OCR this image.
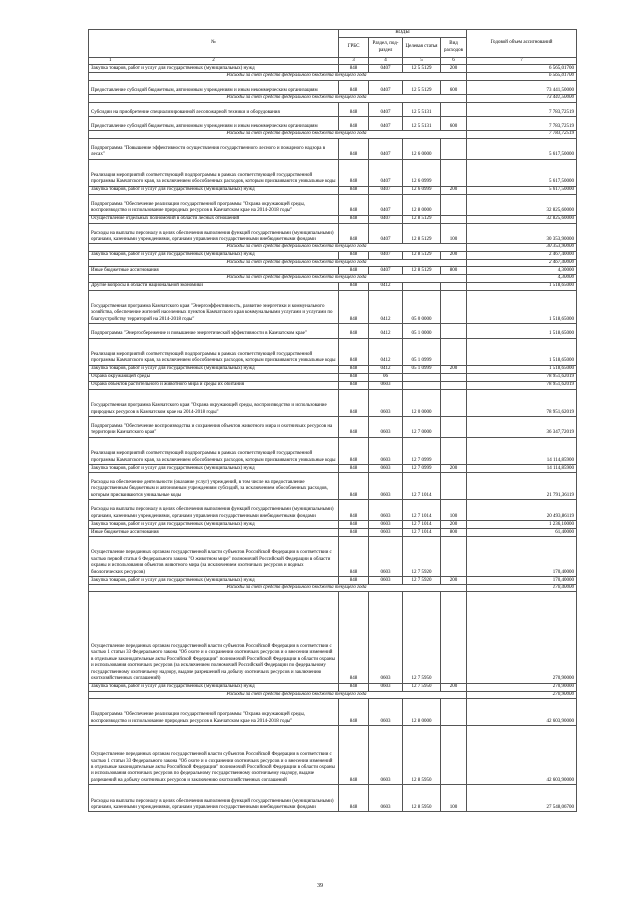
№	КОДЫ				Годовой объем ассигнований
	ГРБС	Раздел, под-раздел	Целевая статья	Вид расходов	

1 2	3	4	5	6	7
Закупка товаров, работ и услуг для государственных (муниципальных) нужд	848	0407	12 5 5129	200	6 565,01700
Расходы за счет средств федерального бюджета текущего года					6 565,01700
Предоставление субсидий бюджетным, автономным учреждениям и иным некоммерческим организациям	848	0407	12 5 5129	600	73 441,50000
Расходы за счет средств федерального бюджета текущего года					73 441,50000
Субсидии на приобретение специализированной лесопожарной техники и оборудования	848	0407	12 5 5131		7 783,72519
Предоставление субсидий бюджетным, автономным учреждениям и иным некоммерческим организациям	848	0407	12 5 5131	600	7 783,72519
Расходы за счет средств федерального бюджета текущего года					7 783,72519
Подпрограмма "Повышение эффективности осуществления государственного лесного и пожарного надзора в лесах"	848	0407	12 6 0000		5 617,50000
Реализация мероприятий соответствующей подпрограммы в рамках соответствующей государственной программы Камчатского края, за исключением обособленных расходов, которым присваиваются уникальные коды	848	0407	12 6 0999		5 617,50000
Закупка товаров, работ и услуг для государственных (муниципальных) нужд	848	0407	12 6 0999	200	5 617,50000
Подпрограмма "Обеспечение реализации государственной программы "Охрана окружающей среды, воспроизводство и использование природных ресурсов в Камчатском крае на 2014-2018 годы"	848	0407	12 8 0000		32 825,60000
Осуществление отдельных полномочий в области лесных отношений	848	0407	12 8 5129		32 825,60000
Расходы на выплаты персоналу в целях обеспечения выполнения функций государственными (муниципальными) органами, казенными учреждениями, органами управления государственными внебюджетными фондами	848	0407	12 8 5129	100	30 353,90000
Расходы за счет средств федерального бюджета текущего года					30 353,90000
Закупка товаров, работ и услуг для государственных (муниципальных) нужд	848	0407	12 8 5129	200	2 467,40000
Расходы за счет средств федерального бюджета текущего года					2 467,40000
Иные бюджетные ассигнования	848	0407	12 8 5129	800	4,30000
Расходы за счет средств федерального бюджета текущего года					4,30000
Другие вопросы в области национальной экономики	848	0412			1 518,65000
Государственная программа Камчатского края "Энергоэффективность, развитие энергетики и коммунального хозяйства, обеспечение жителей населенных пунктов Камчатского края коммунальными услугами и услугами по благоустройству территорий на 2014-2018 годы"	848	0412	05 0 0000		1 518,65000
Подпрограмма "Энергосбережение и повышение энергетической эффективности в Камчатском крае"	848	0412	05 1 0000		1 518,65000
Реализация мероприятий соответствующей подпрограммы в рамках соответствующей государственной программы Камчатского края, за исключением обособленных расходов, которым присваиваются уникальные коды	848	0412	05 1 0999		1 518,65000
Закупка товаров, работ и услуг для государственных (муниципальных) нужд	848	0412	05 1 0999	200	1 518,65000
Охрана окружающей среды	848	06			78 951,62019
Охрана объектов растительного и животного мира и среды их обитания	848	0603			78 951,62019
Государственная программа Камчатского края "Охрана окружающей среды, воспроизводство и использование природных ресурсов в Камчатском крае на 2014-2018 годы"	848	0603	12 0 0000		78 951,62019
Подпрограмма "Обеспечение воспроизводства и сохранения объектов животного мира и охотничьих ресурсов на территории Камчатского края"	848	0603	12 7 0000		36 347,72019
Реализация мероприятий соответствующей подпрограммы в рамках соответствующей государственной программы Камчатского края, за исключением обособленных расходов, которым присваиваются уникальные коды	848	0603	12 7 0999		14 114,85900
Закупка товаров, работ и услуг для государственных (муниципальных) нужд	848	0603	12 7 0999	200	14 114,85900
Расходы на обеспечение деятельности (оказание услуг) учреждений, в том числе на предоставление государственным бюджетным и автономным учреждениям субсидий, за исключением обособленных расходов, которым присваиваются уникальные коды	848	0603	12 7 1014		21 791,36119
Расходы на выплаты персоналу в целях обеспечения выполнения функций государственными (муниципальными) органами, казенными учреждениями, органами управления государственными внебюджетными фондами	848	0603	12 7 1014	100	20 493,86119
Закупка товаров, работ и услуг для государственных (муниципальных) нужд	848	0603	12 7 1014	200	1 236,10000
Иные бюджетные ассигнования	848	0603	12 7 1014	800	61,40000
Осуществление переданных органам государственной власти субъектов Российской Федерации в соответствии с частью первой статьи 6 Федерального закона "О животном мире" полномочий Российской Федерации в области охраны и использования объектов животного мира (за исключением охотничьих ресурсов и водных биологических ресурсов)	848	0603	12 7 5920		170,40000
Закупка товаров, работ и услуг для государственных (муниципальных) нужд	848	0603	12 7 5920	200	170,40000
Расходы за счет средств федерального бюджета текущего года					170,40000
Осуществление переданных органам государственной власти субъектов Российской Федерации в соответствии с частью 1 статьи 33 Федерального закона "Об охоте и о сохранении охотничьих ресурсов и о внесении изменений в отдельные законодательные акты Российской Федерации" полномочий Российской Федерации в области охраны и использования охотничьих ресурсов (за исключением полномочий Российской Федерации по федеральному государственному охотничьему надзору, выдаче разрешений на добычу охотничьих ресурсов и заключению охотхозяйственных соглашений)	848	0603	12 7 5950		270,90000
Закупка товаров, работ и услуг для государственных (муниципальных) нужд	848	0603	12 7 5950	200	270,90000
Расходы за счет средств федерального бюджета текущего года					270,90000
Подпрограмма "Обеспечение реализации государственной программы "Охрана окружающей среды, воспроизводство и использование природных ресурсов в Камчатском крае на 2014-2018 годы"	848	0603	12 8 0000		42 603,90000
Осуществление переданных органам государственной власти субъектов Российской Федерации в соответствии с частью 1 статьи 33 Федерального закона "Об охоте и о сохранении охотничьих ресурсов и о внесении изменений в отдельные законодательные акты Российской Федерации" полномочий Российской Федерации в области охраны и использования охотничьих ресурсов по федеральному государственному охотничьему надзору, выдаче разрешений на добычу охотничьих ресурсов и заключению охотхозяйственных соглашений	848	0603	12 8 5950		42 603,90000
Расходы на выплаты персоналу в целях обеспечения выполнения функций государственными (муниципальными) органами, казенными учреждениями, органами управления государственными внебюджетными фондами	848	0603	12 8 5950	100	27 548,06700
39
